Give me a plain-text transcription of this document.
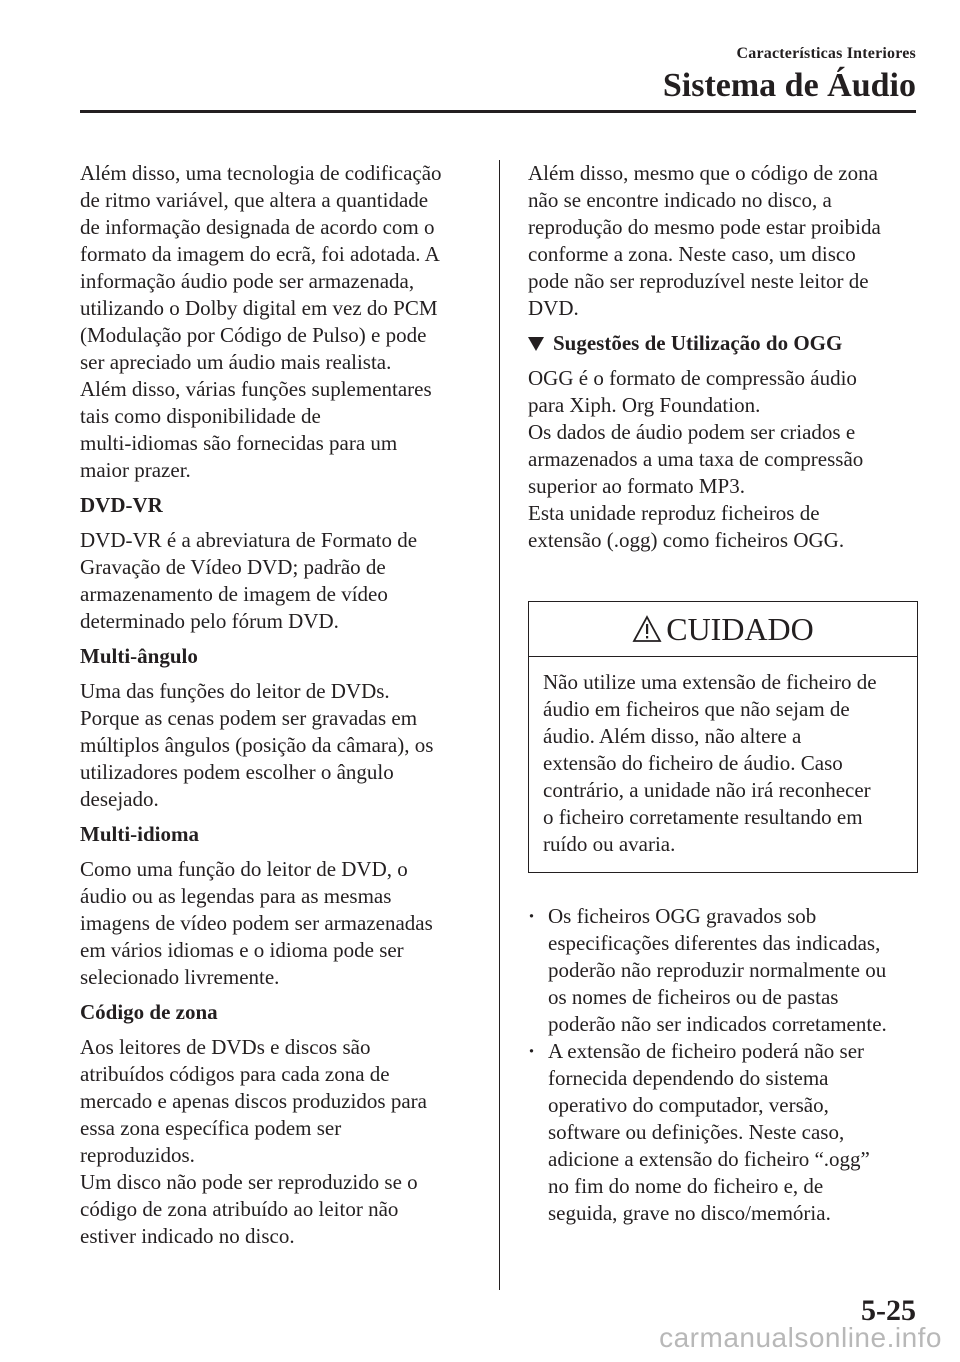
Características Interiores
Sistema de Áudio

Além disso, uma tecnologia de codificação
de ritmo variável, que altera a quantidade
de informação designada de acordo com o
formato da imagem do ecrã, foi adotada. A
informação áudio pode ser armazenada,
utilizando o Dolby digital em vez do PCM
(Modulação por Código de Pulso) e pode
ser apreciado um áudio mais realista.
Além disso, várias funções suplementares
tais como disponibilidade de
multi-idiomas são fornecidas para um
maior prazer.

DVD-VR

DVD-VR é a abreviatura de Formato de
Gravação de Vídeo DVD; padrão de
armazenamento de imagem de vídeo
determinado pelo fórum DVD.

Multi-ângulo

Uma das funções do leitor de DVDs.
Porque as cenas podem ser gravadas em
múltiplos ângulos (posição da câmara), os
utilizadores podem escolher o ângulo
desejado.

Multi-idioma

Como uma função do leitor de DVD, o
áudio ou as legendas para as mesmas
imagens de vídeo podem ser armazenadas
em vários idiomas e o idioma pode ser
selecionado livremente.

Código de zona

Aos leitores de DVDs e discos são
atribuídos códigos para cada zona de
mercado e apenas discos produzidos para
essa zona específica podem ser
reproduzidos.
Um disco não pode ser reproduzido se o
código de zona atribuído ao leitor não
estiver indicado no disco.

Além disso, mesmo que o código de zona
não se encontre indicado no disco, a
reprodução do mesmo pode estar proibida
conforme a zona. Neste caso, um disco
pode não ser reproduzível neste leitor de
DVD.

Sugestões de Utilização do OGG

OGG é o formato de compressão áudio
para Xiph. Org Foundation.
Os dados de áudio podem ser criados e
armazenados a uma taxa de compressão
superior ao formato MP3.
Esta unidade reproduz ficheiros de
extensão (.ogg) como ficheiros OGG.

CUIDADO

Não utilize uma extensão de ficheiro de
áudio em ficheiros que não sejam de
áudio. Além disso, não altere a
extensão do ficheiro de áudio. Caso
contrário, a unidade não irá reconhecer
o ficheiro corretamente resultando em
ruído ou avaria.

· Os ficheiros OGG gravados sob
especificações diferentes das indicadas,
poderão não reproduzir normalmente ou
os nomes de ficheiros ou de pastas
poderão não ser indicados corretamente.
· A extensão de ficheiro poderá não ser
fornecida dependendo do sistema
operativo do computador, versão,
software ou definições. Neste caso,
adicione a extensão do ficheiro “.ogg”
no fim do nome do ficheiro e, de
seguida, grave no disco/memória.
5-25
carmanualsonline.info
